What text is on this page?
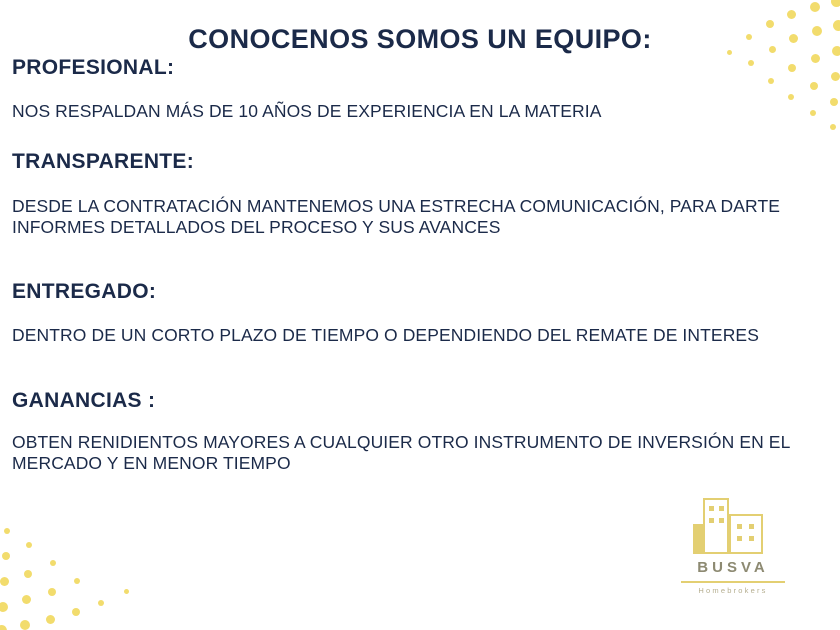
CONOCENOS SOMOS UN EQUIPO:
PROFESIONAL:

NOS RESPALDAN MÁS DE 10 AÑOS DE EXPERIENCIA EN LA MATERIA

TRANSPARENTE:

DESDE LA CONTRATACIÓN MANTENEMOS UNA ESTRECHA COMUNICACIÓN, PARA DARTE INFORMES DETALLADOS DEL PROCESO Y SUS AVANCES

ENTREGADO:

DENTRO DE UN CORTO PLAZO DE TIEMPO O DEPENDIENDO DEL REMATE DE INTERES

GANANCIAS :

OBTEN RENIDIENTOS MAYORES A CUALQUIER OTRO INSTRUMENTO DE INVERSIÓN EN EL MERCADO Y EN MENOR TIEMPO

BUSVA
Homebrokers
